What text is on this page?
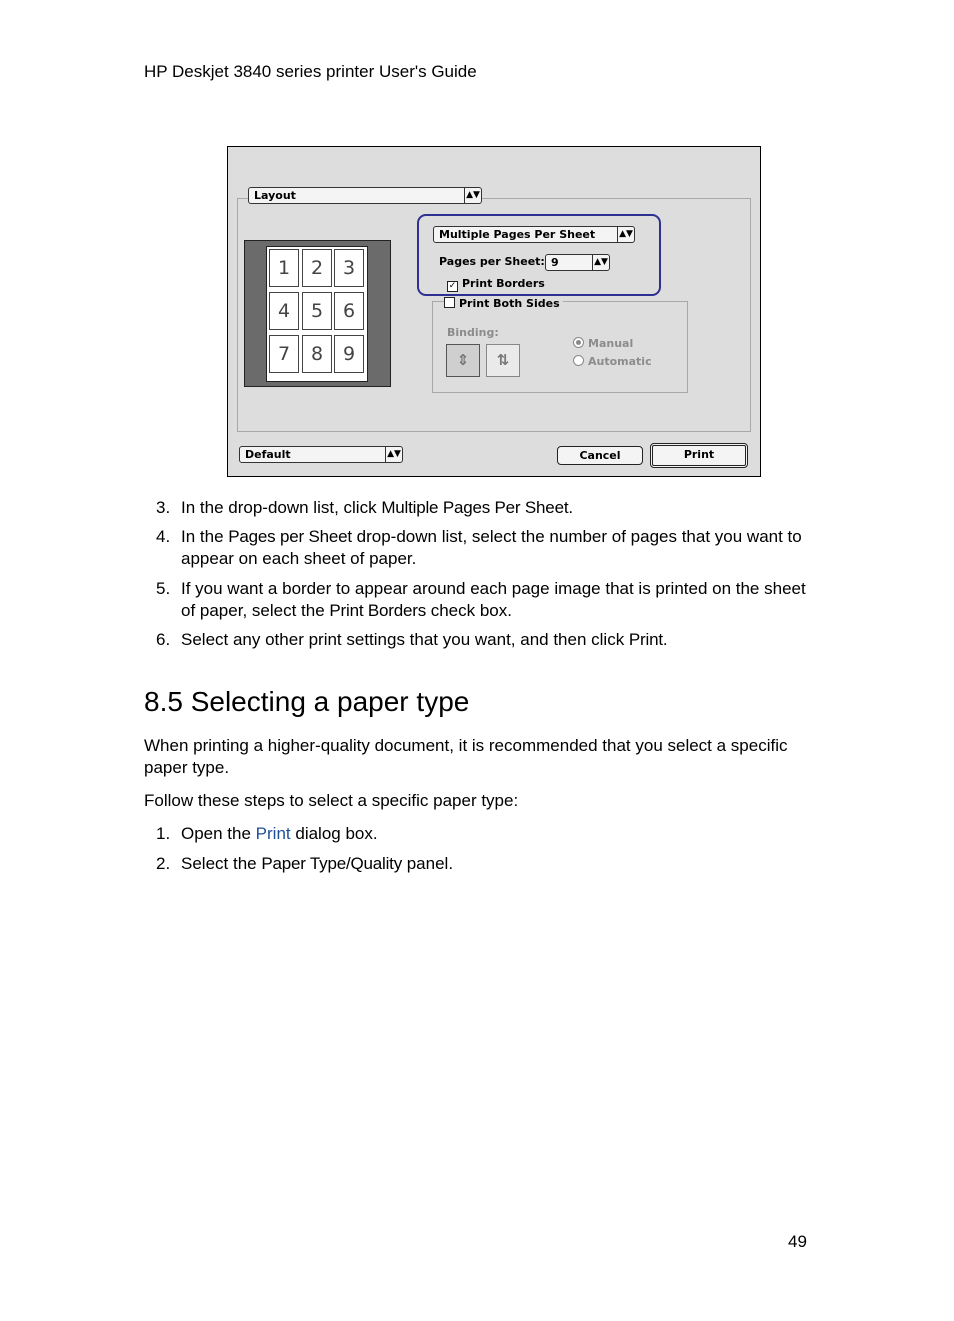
HP Deskjet 3840 series printer User's Guide
Layout	▲▼
1	2	3
4	5	6
7	8	9
Multiple Pages Per Sheet	▲▼
Pages per Sheet: 9	▲▼
✓ Print Borders
Print Both Sides
Binding:
⇕	⇅
Manual
Automatic
Default	▲▼	Cancel	Print
3. In the drop-down list, click Multiple Pages Per Sheet.
4. In the Pages per Sheet drop-down list, select the number of pages that you want to appear on each sheet of paper.
5. If you want a border to appear around each page image that is printed on the sheet of paper, select the Print Borders check box.
6. Select any other print settings that you want, and then click Print.
8.5 Selecting a paper type

When printing a higher-quality document, it is recommended that you select a specific paper type.

Follow these steps to select a specific paper type:

1. Open the Print dialog box.
2. Select the Paper Type/Quality panel.
49
